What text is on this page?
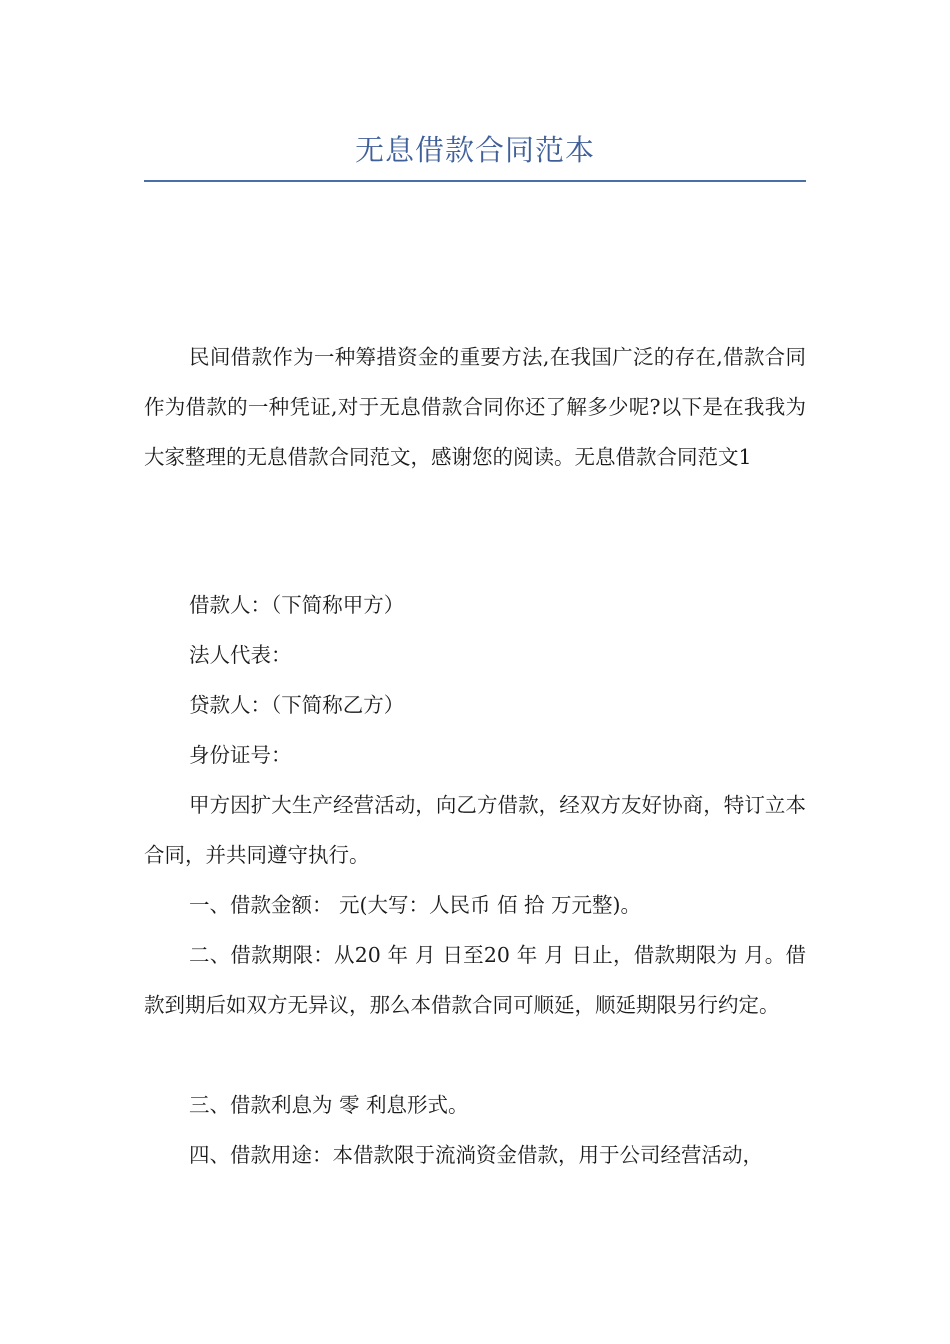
无息借款合同范本

民间借款作为一种筹措资金的重要方法,在我国广泛的存在,借款合同作为借款的一种凭证,对于无息借款合同你还了解多少呢?以下是在我我为大家整理的无息借款合同范文，感谢您的阅读。无息借款合同范文1

借款人：（下简称甲方）

法人代表：

贷款人：（下简称乙方）

身份证号：

甲方因扩大生产经营活动，向乙方借款，经双方友好协商，特订立本合同，并共同遵守执行。

一、借款金额： 元(大写：人民币 佰 拾 万元整)。

二、借款期限：从20 年 月 日至20 年 月 日止，借款期限为 月。借款到期后如双方无异议，那么本借款合同可顺延，顺延期限另行约定。

三、借款利息为 零 利息形式。

四、借款用途：本借款限于流淌资金借款，用于公司经营活动，
